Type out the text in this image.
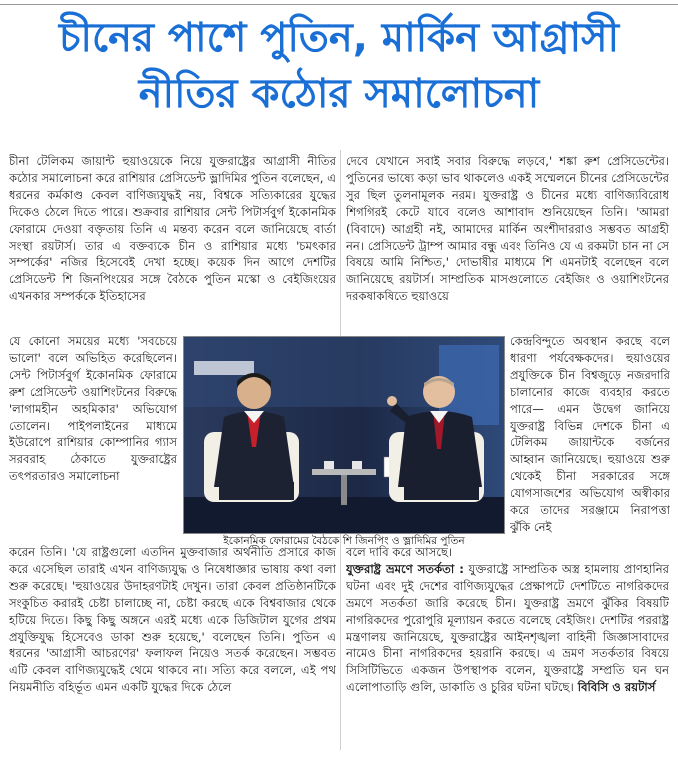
চীনের পাশে পুতিন, মার্কিন আগ্রাসী
নীতির কঠোর সমালোচনা

চীনা টেলিকম জায়ান্ট হুয়াওয়েকে নিয়ে যুক্তরাষ্ট্রের আগ্রাসী নীতির কঠোর সমালোচনা করে রাশিয়ার প্রেসিডেন্ট ভ্লাদিমির পুতিন বলেছেন, এ ধরনের কর্মকাণ্ড কেবল বাণিজ্যযুদ্ধই নয়, বিশ্বকে সত্যিকারের যুদ্ধের দিকেও ঠেলে দিতে পারে। শুক্রবার রাশিয়ার সেন্ট পিটার্সবুর্গ ইকোনমিক ফোরামে দেওয়া বক্তৃতায় তিনি এ মন্তব্য করেন বলে জানিয়েছে বার্তা সংস্থা রয়টার্স। তার এ বক্তব্যকে চীন ও রাশিয়ার মধ্যে 'চমৎকার সম্পর্কের' নজির হিসেবেই দেখা হচ্ছে। কয়েক দিন আগে দেশটির প্রেসিডেন্ট শি জিনপিংয়ের সঙ্গে বৈঠকে পুতিন মস্কো ও বেইজিংয়ের এখনকার সম্পর্ককে ইতিহাসের

যে কোনো সময়ের মধ্যে 'সবচেয়ে ভালো' বলে অভিহিত করেছিলেন। সেন্ট পিটার্সবুর্গ ইকোনমিক ফোরামে রুশ প্রেসিডেন্ট ওয়াশিংটনের বিরুদ্ধে 'লাগামহীন অহমিকার' অভিযোগ তোলেন। পাইপলাইনের মাধ্যমে ইউরোপে রাশিয়ার কোম্পানির গ্যাস সরবরাহ ঠেকাতে যুক্তরাষ্ট্রের তৎপরতারও সমালোচনা

করেন তিনি। 'যে রাষ্ট্রগুলো এতদিন মুক্তবাজার অর্থনীতি প্রসারে কাজ করে এসেছিল তারাই এখন বাণিজ্যযুদ্ধ ও নিষেধাজ্ঞার ভাষায় কথা বলা শুরু করেছে। 'হুয়াওয়ের উদাহরণটাই দেখুন। তারা কেবল প্রতিষ্ঠানটিকে সংকুচিত করারই চেষ্টা চালাচ্ছে না, চেষ্টা করছে একে বিশ্ববাজার থেকে হটিয়ে দিতে। কিছু কিছু অঙ্গনে এরই মধ্যে একে ডিজিটাল যুগের প্রথম প্রযুক্তিযুদ্ধ হিসেবেও ডাকা শুরু হয়েছে,' বলেছেন তিনি। পুতিন এ ধরনের 'আগ্রাসী আচরণের' ফলাফল নিয়েও সতর্ক করেছেন। সম্ভবত এটি কেবল বাণিজ্যযুদ্ধেই থেমে থাকবে না। সত্যি করে বললে, এই পথ নিয়মনীতি বহির্ভূত এমন একটি যুদ্ধের দিকে ঠেলে

দেবে যেখানে সবাই সবার বিরুদ্ধে লড়বে,' শঙ্কা রুশ প্রেসিডেন্টের। পুতিনের ভাষ্যে কড়া ভাব থাকলেও একই সম্মেলনে চীনের প্রেসিডেন্টের সুর ছিল তুলনামূলক নরম। যুক্তরাষ্ট্র ও চীনের মধ্যে বাণিজ্যবিরোধ শিগগিরই কেটে যাবে বলেও আশাবাদ শুনিয়েছেন তিনি। 'আমরা (বিবাদে) আগ্রহী নই, আমাদের মার্কিন অংশীদাররাও সম্ভবত আগ্রহী নন। প্রেসিডেন্ট ট্রাম্প আমার বন্ধু এবং তিনিও যে এ রকমটা চান না সে বিষয়ে আমি নিশ্চিত,' দোভাষীর মাধ্যমে শি এমনটাই বলেছেন বলে জানিয়েছে রয়টার্স। সাম্প্রতিক মাসগুলোতে বেইজিং ও ওয়াশিংটনের দরকষাকষিতে হুয়াওয়ে

কেন্দ্রবিন্দুতে অবস্থান করছে বলে ধারণা পর্যবেক্ষকদের। হুয়াওয়ের প্রযুক্তিকে চীন বিশ্বজুড়ে নজরদারি চালানোর কাজে ব্যবহার করতে পারে— এমন উদ্বেগ জানিয়ে যুক্তরাষ্ট্র বিভিন্ন দেশকে চীনা এ টেলিকম জায়ান্টকে বর্জনের আহ্বান জানিয়েছে। হুয়াওয়ে শুরু থেকেই চীনা সরকারের সঙ্গে যোগসাজশের অভিযোগ অস্বীকার করে তাদের সরঞ্জামে নিরাপত্তা ঝুঁকি নেই

বলে দাবি করে আসছে।
যুক্তরাষ্ট্র ভ্রমণে সতর্কতা : যুক্তরাষ্ট্রে সাম্প্রতিক অস্ত্র হামলায় প্রাণহানির ঘটনা এবং দুই দেশের বাণিজ্যযুদ্ধের প্রেক্ষাপটে দেশটিতে নাগরিকদের ভ্রমণে সতর্কতা জারি করেছে চীন। যুক্তরাষ্ট্র ভ্রমণে ঝুঁকির বিষয়টি নাগরিকদের পুরোপুরি মূল্যায়ন করতে বলেছে বেইজিং। দেশটির পররাষ্ট্র মন্ত্রণালয় জানিয়েছে, যুক্তরাষ্ট্রের আইনশৃঙ্খলা বাহিনী জিজ্ঞাসাবাদের নামেও চীনা নাগরিকদের হয়রানি করছে। এ ভ্রমণ সতর্কতার বিষয়ে সিসিটিভিতে একজন উপস্থাপক বলেন, যুক্তরাষ্ট্রে সম্প্রতি ঘন ঘন এলোপাতাড়ি গুলি, ডাকাতি ও চুরির ঘটনা ঘটছে। বিবিসি ও রয়টার্স

ইকোনমিক ফোরামের বৈঠকে শি জিনপিং ও ভ্লাদিমির পুতিন
